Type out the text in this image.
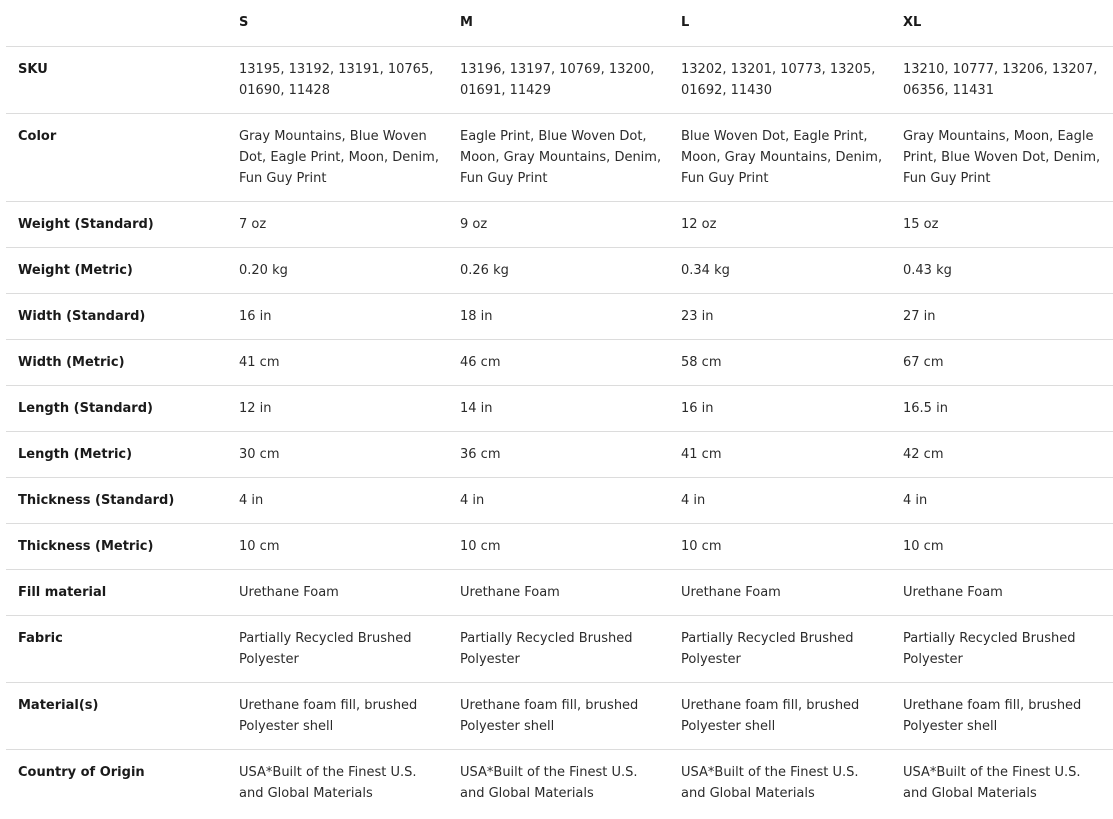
	S	M	L	XL
SKU	13195, 13192, 13191, 10765, 01690, 11428	13196, 13197, 10769, 13200, 01691, 11429	13202, 13201, 10773, 13205, 01692, 11430	13210, 10777, 13206, 13207, 06356, 11431
Color	Gray Mountains, Blue Woven Dot, Eagle Print, Moon, Denim, Fun Guy Print	Eagle Print, Blue Woven Dot, Moon, Gray Mountains, Denim, Fun Guy Print	Blue Woven Dot, Eagle Print, Moon, Gray Mountains, Denim, Fun Guy Print	Gray Mountains, Moon, Eagle Print, Blue Woven Dot, Denim, Fun Guy Print
Weight (Standard)	7 oz	9 oz	12 oz	15 oz
Weight (Metric)	0.20 kg	0.26 kg	0.34 kg	0.43 kg
Width (Standard)	16 in	18 in	23 in	27 in
Width (Metric)	41 cm	46 cm	58 cm	67 cm
Length (Standard)	12 in	14 in	16 in	16.5 in
Length (Metric)	30 cm	36 cm	41 cm	42 cm
Thickness (Standard)	4 in	4 in	4 in	4 in
Thickness (Metric)	10 cm	10 cm	10 cm	10 cm
Fill material	Urethane Foam	Urethane Foam	Urethane Foam	Urethane Foam
Fabric	Partially Recycled Brushed Polyester	Partially Recycled Brushed Polyester	Partially Recycled Brushed Polyester	Partially Recycled Brushed Polyester
Material(s)	Urethane foam fill, brushed Polyester shell	Urethane foam fill, brushed Polyester shell	Urethane foam fill, brushed Polyester shell	Urethane foam fill, brushed Polyester shell
Country of Origin	USA*Built of the Finest U.S. and Global Materials	USA*Built of the Finest U.S. and Global Materials	USA*Built of the Finest U.S. and Global Materials	USA*Built of the Finest U.S. and Global Materials
